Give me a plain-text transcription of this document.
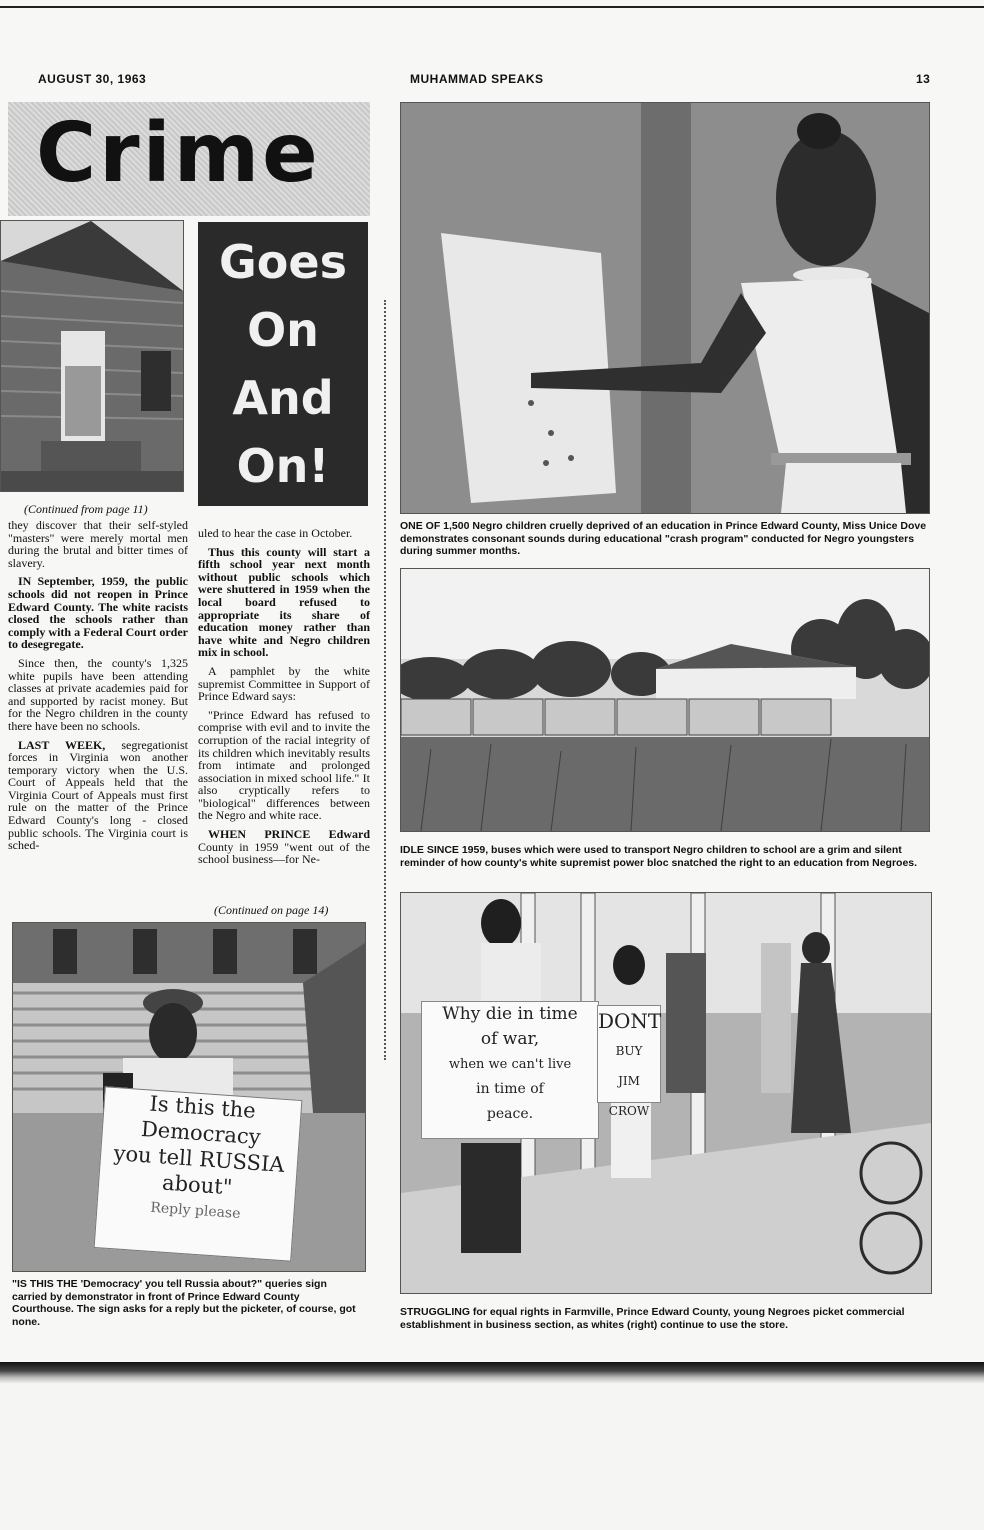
AUGUST 30, 1963	MUHAMMAD SPEAKS	13
Crime
Goes
On
And
On!
(Continued from page 11)

they discover that their self-styled "masters" were merely mortal men during the brutal and bitter times of slavery.

IN September, 1959, the public schools did not reopen in Prince Edward County. The white racists closed the schools rather than comply with a Federal Court order to desegregate.

Since then, the county's 1,325 white pupils have been attending classes at private academies paid for and supported by racist money. But for the Negro children in the county there have been no schools.

LAST WEEK, segregationist forces in Virginia won another temporary victory when the U.S. Court of Appeals held that the Virginia Court of Appeals must first rule on the matter of the Prince Edward County's long - closed public schools. The Virginia court is sched-

uled to hear the case in October.

Thus this county will start a fifth school year next month without public schools which were shuttered in 1959 when the local board refused to appropriate its share of education money rather than have white and Negro children mix in school.

A pamphlet by the white supremist Committee in Support of Prince Edward says:

"Prince Edward has refused to comprise with evil and to invite the corruption of the racial integrity of its children which inevitably results from intimate and prolonged association in mixed school life." It also cryptically refers to "biological" differences between the Negro and white race.

WHEN PRINCE Edward County in 1959 "went out of the school business—for Ne-

(Continued on page 14)
Is this the
Democracy
you tell RUSSIA
about"
Reply please
"IS THIS THE 'Democracy' you tell Russia about?" queries sign carried by demonstrator in front of Prince Edward County Courthouse. The sign asks for a reply but the picketer, of course, got none.
ONE OF 1,500 Negro children cruelly deprived of an education in Prince Edward County, Miss Unice Dove demonstrates consonant sounds during educational "crash program" conducted for Negro youngsters during summer months.
IDLE SINCE 1959, buses which were used to transport Negro children to school are a grim and silent reminder of how county's white supremist power bloc snatched the right to an education from Negroes.
Why die in time
of war,
when we can't live
in time of
peace.
DONT
BUY
JIM CROW
STRUGGLING for equal rights in Farmville, Prince Edward County, young Negroes picket commercial establishment in business section, as whites (right) continue to use the store.
